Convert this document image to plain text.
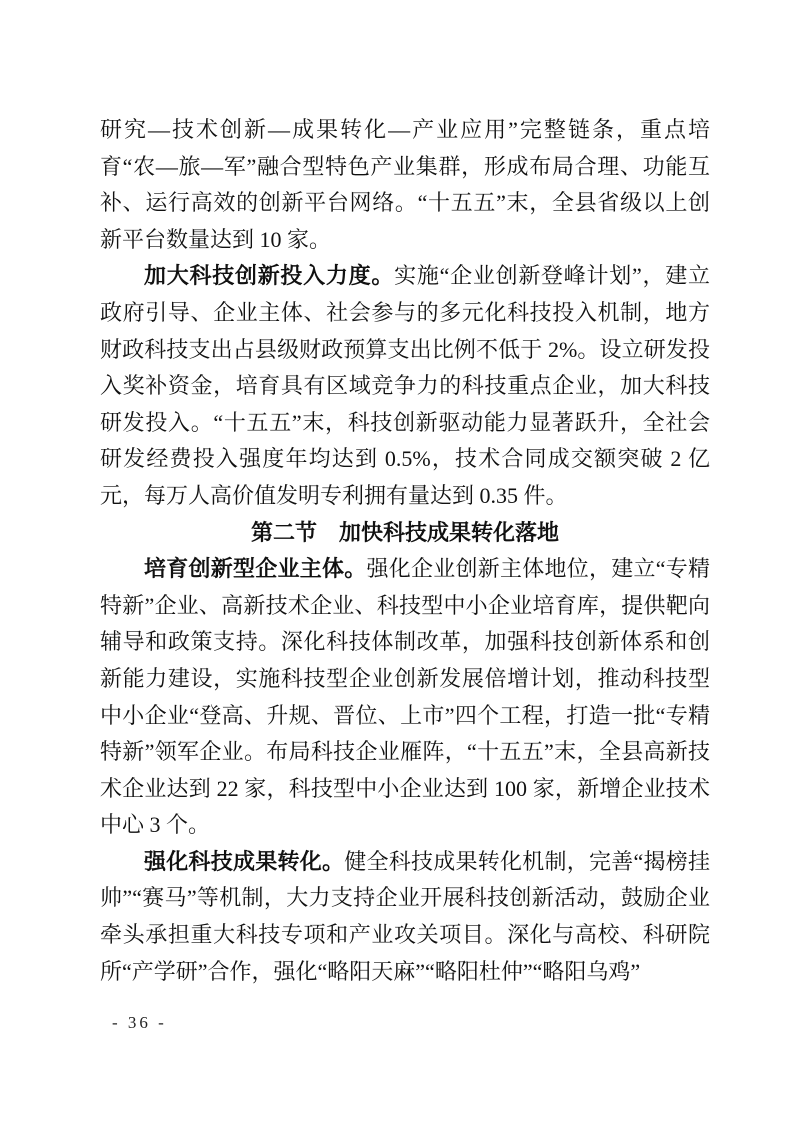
研究—技术创新—成果转化—产业应用”完整链条，重点培育“农—旅—军”融合型特色产业集群，形成布局合理、功能互补、运行高效的创新平台网络。“十五五”末，全县省级以上创新平台数量达到 10 家。

加大科技创新投入力度。实施“企业创新登峰计划”，建立政府引导、企业主体、社会参与的多元化科技投入机制，地方财政科技支出占县级财政预算支出比例不低于 2%。设立研发投入奖补资金，培育具有区域竞争力的科技重点企业，加大科技研发投入。“十五五”末，科技创新驱动能力显著跃升，全社会研发经费投入强度年均达到 0.5%，技术合同成交额突破 2 亿元，每万人高价值发明专利拥有量达到 0.35 件。

第二节　加快科技成果转化落地

培育创新型企业主体。强化企业创新主体地位，建立“专精特新”企业、高新技术企业、科技型中小企业培育库，提供靶向辅导和政策支持。深化科技体制改革，加强科技创新体系和创新能力建设，实施科技型企业创新发展倍增计划，推动科技型中小企业“登高、升规、晋位、上市”四个工程，打造一批“专精特新”领军企业。布局科技企业雁阵，“十五五”末，全县高新技术企业达到 22 家，科技型中小企业达到 100 家，新增企业技术中心 3 个。

强化科技成果转化。健全科技成果转化机制，完善“揭榜挂帅”“赛马”等机制，大力支持企业开展科技创新活动，鼓励企业牵头承担重大科技专项和产业攻关项目。深化与高校、科研院所“产学研”合作，强化“略阳天麻”“略阳杜仲”“略阳乌鸡”

- 36 -
